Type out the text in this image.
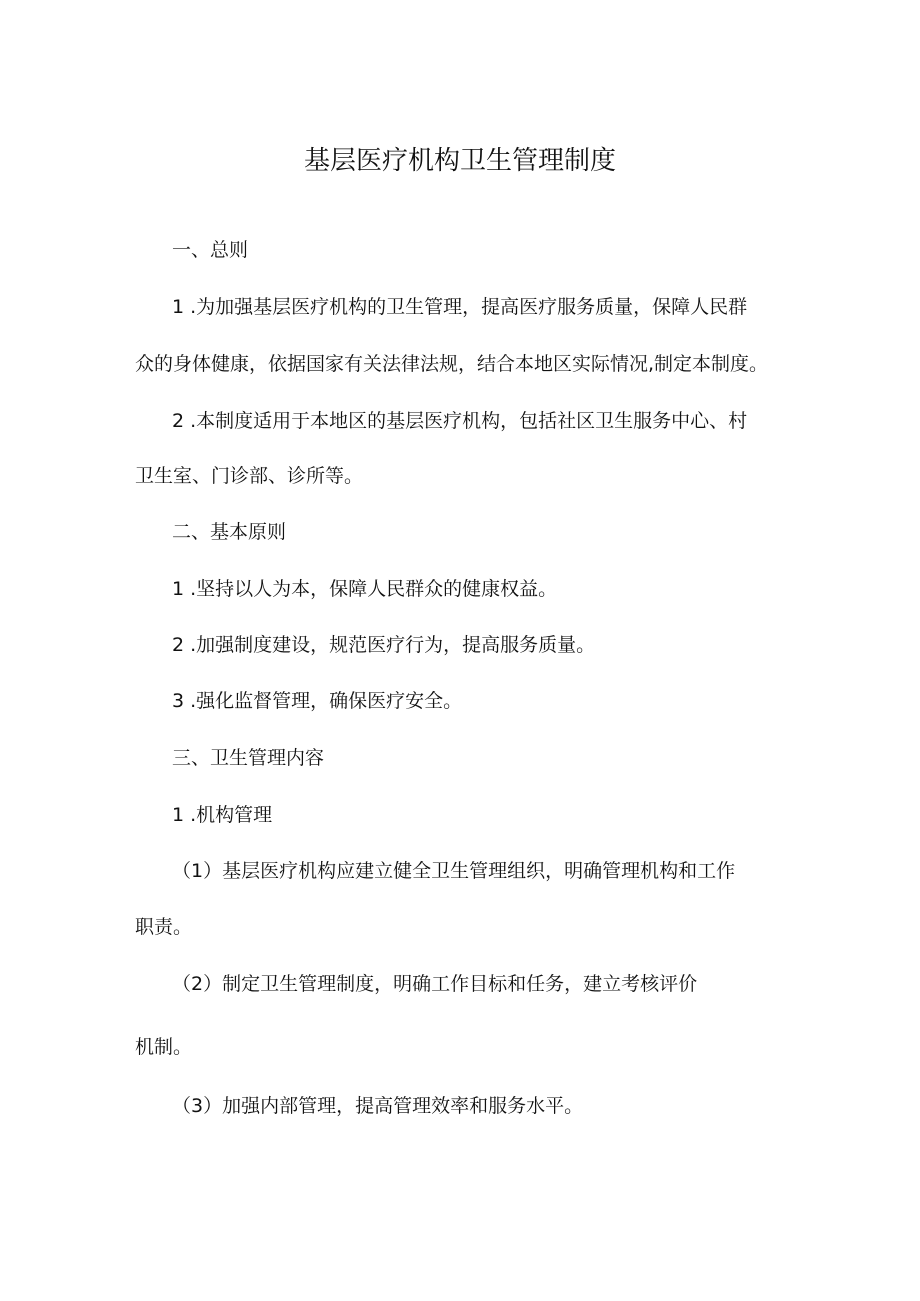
基层医疗机构卫生管理制度
一、总则
1 .为加强基层医疗机构的卫生管理，提高医疗服务质量，保障人民群
众的身体健康，依据国家有关法律法规，结合本地区实际情况,制定本制度。
2 .本制度适用于本地区的基层医疗机构，包括社区卫生服务中心、村
卫生室、门诊部、诊所等。
二、基本原则
1 .坚持以人为本，保障人民群众的健康权益。
2 .加强制度建设，规范医疗行为，提高服务质量。
3 .强化监督管理，确保医疗安全。
三、卫生管理内容
1 .机构管理
（1）基层医疗机构应建立健全卫生管理组织，明确管理机构和工作
职责。
（2）制定卫生管理制度，明确工作目标和任务，建立考核评价
机制。
（3）加强内部管理，提高管理效率和服务水平。
